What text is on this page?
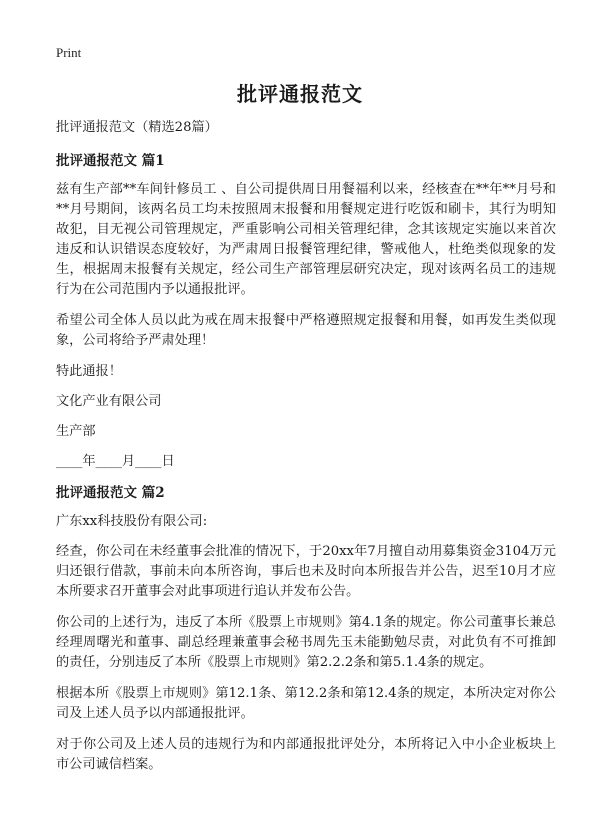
Print
批评通报范文

批评通报范文（精选28篇）

批评通报范文 篇1

兹有生产部**车间针修员工 、自公司提供周日用餐福利以来，经核查在**年**月号和**月号期间，该两名员工均未按照周末报餐和用餐规定进行吃饭和刷卡，其行为明知故犯，目无视公司管理规定，严重影响公司相关管理纪律，念其该规定实施以来首次违反和认识错误态度较好，为严肃周日报餐管理纪律，警戒他人，杜绝类似现象的发生，根据周末报餐有关规定，经公司生产部管理层研究决定，现对该两名员工的违规行为在公司范围内予以通报批评。

希望公司全体人员以此为戒在周末报餐中严格遵照规定报餐和用餐，如再发生类似现象，公司将给予严肃处理！

特此通报！

文化产业有限公司

生产部

____年____月____日

批评通报范文 篇2

广东xx科技股份有限公司:

经查，你公司在未经董事会批准的情况下，于20xx年7月擅自动用募集资金3104万元归还银行借款，事前未向本所咨询，事后也未及时向本所报告并公告，迟至10月才应本所要求召开董事会对此事项进行追认并发布公告。

你公司的上述行为，违反了本所《股票上市规则》第4.1条的规定。你公司董事长兼总经理周曙光和董事、副总经理兼董事会秘书周先玉未能勤勉尽责，对此负有不可推卸的责任，分别违反了本所《股票上市规则》第2.2.2条和第5.1.4条的规定。

根据本所《股票上市规则》第12.1条、第12.2条和第12.4条的规定，本所决定对你公司及上述人员予以内部通报批评。

对于你公司及上述人员的违规行为和内部通报批评处分，本所将记入中小企业板块上市公司诚信档案。
